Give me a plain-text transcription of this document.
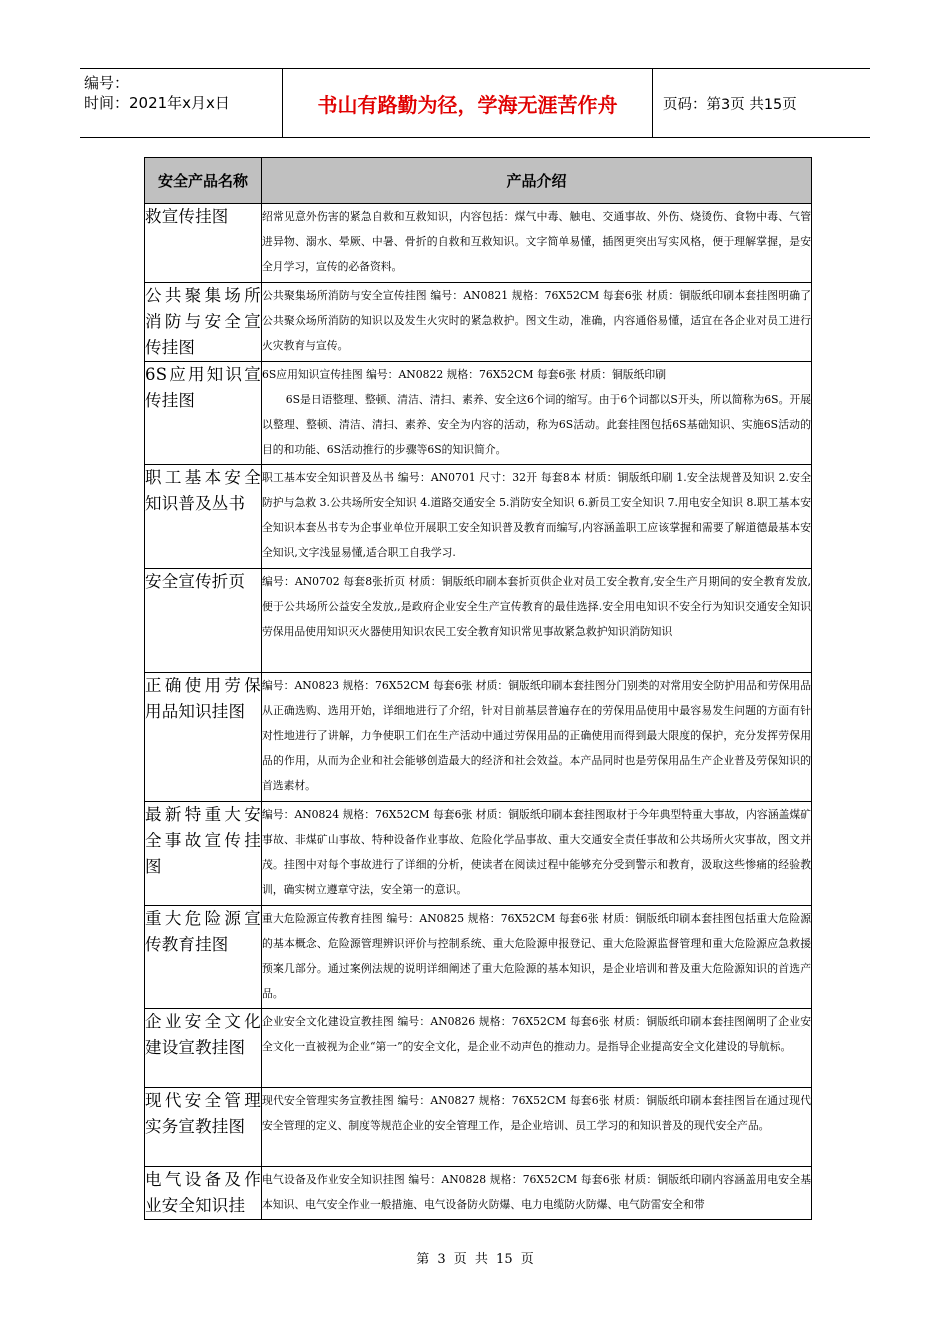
编号：
时间：2021年x月x日	书山有路勤为径，学海无涯苦作舟	页码：第3页 共15页
安全产品名称	产品介绍
救宣传挂图	绍常见意外伤害的紧急自救和互救知识，内容包括：煤气中毒、触电、交通事故、外伤、烧烫伤、食物中毒、气管进异物、溺水、晕厥、中暑、骨折的自救和互救知识。文字简单易懂，插图更突出写实风格，便于理解掌握，是安全月学习，宣传的必备资料。
公共聚集场所消防与安全宣传挂图	公共聚集场所消防与安全宣传挂图 编号：AN0821 规格：76X52CM 每套6张 材质：铜版纸印刷本套挂图明确了公共聚众场所消防的知识以及发生火灾时的紧急救护。图文生动，准确，内容通俗易懂，适宜在各企业对员工进行火灾教育与宣传。
6S应用知识宣传挂图	6S应用知识宣传挂图 编号：AN0822 规格：76X52CM 每套6张 材质：铜版纸印刷
6S是日语整理、整顿、清洁、清扫、素养、安全这6个词的缩写。由于6个词都以S开头，所以简称为6S。开展以整理、整顿、清洁、清扫、素养、安全为内容的活动，称为6S活动。此套挂图包括6S基础知识、实施6S活动的目的和功能、6S活动推行的步骤等6S的知识简介。

职工基本安全知识普及丛书	职工基本安全知识普及丛书 编号：AN0701 尺寸：32开 每套8本 材质：铜版纸印刷 1.安全法规普及知识 2.安全防护与急救 3.公共场所安全知识 4.道路交通安全 5.消防安全知识 6.新员工安全知识 7.用电安全知识 8.职工基本安全知识本套丛书专为企事业单位开展职工安全知识普及教育而编写,内容涵盖职工应该掌握和需要了解道德最基本安全知识,文字浅显易懂,适合职工自我学习.
安全宣传折页	编号：AN0702 每套8张折页 材质：铜版纸印刷本套折页供企业对员工安全教育,安全生产月期间的安全教育发放,便于公共场所公益安全发放,,是政府企业安全生产宣传教育的最佳选择.安全用电知识不安全行为知识交通安全知识劳保用品使用知识灭火器使用知识农民工安全教育知识常见事故紧急救护知识消防知识
正确使用劳保用品知识挂图	编号：AN0823 规格：76X52CM 每套6张 材质：铜版纸印刷本套挂图分门别类的对常用安全防护用品和劳保用品从正确选购、选用开始，详细地进行了介绍，针对目前基层普遍存在的劳保用品使用中最容易发生问题的方面有针对性地进行了讲解，力争使职工们在生产活动中通过劳保用品的正确使用而得到最大限度的保护，充分发挥劳保用品的作用，从而为企业和社会能够创造最大的经济和社会效益。本产品同时也是劳保用品生产企业普及劳保知识的首选素材。
最新特重大安全事故宣传挂图	编号：AN0824 规格：76X52CM 每套6张 材质：铜版纸印刷本套挂图取材于今年典型特重大事故，内容涵盖煤矿事故、非煤矿山事故、特种设备作业事故、危险化学品事故、重大交通安全责任事故和公共场所火灾事故，图文并茂。挂图中对每个事故进行了详细的分析，使读者在阅读过程中能够充分受到警示和教育，汲取这些惨痛的经验教训，确实树立遵章守法，安全第一的意识。
重大危险源宣传教育挂图	重大危险源宣传教育挂图 编号：AN0825 规格：76X52CM 每套6张 材质：铜版纸印刷本套挂图包括重大危险源的基本概念、危险源管理辨识评价与控制系统、重大危险源申报登记、重大危险源监督管理和重大危险源应急救援预案几部分。通过案例法规的说明详细阐述了重大危险源的基本知识，是企业培训和普及重大危险源知识的首选产品。
企业安全文化建设宣教挂图	企业安全文化建设宣教挂图 编号：AN0826 规格：76X52CM 每套6张 材质：铜版纸印刷本套挂图阐明了企业安全文化一直被视为企业“第一”的安全文化，是企业不动声色的推动力。是指导企业提高安全文化建设的导航标。
现代安全管理实务宣教挂图	现代安全管理实务宣教挂图 编号：AN0827 规格：76X52CM 每套6张 材质：铜版纸印刷本套挂图旨在通过现代安全管理的定义、制度等规范企业的安全管理工作，是企业培训、员工学习的和知识普及的现代安全产品。
电气设备及作业安全知识挂	电气设备及作业安全知识挂图 编号：AN0828 规格：76X52CM 每套6张 材质：铜版纸印刷内容涵盖用电安全基本知识、电气安全作业一般措施、电气设备防火防爆、电力电缆防火防爆、电气防雷安全和带
第 3 页 共 15 页
